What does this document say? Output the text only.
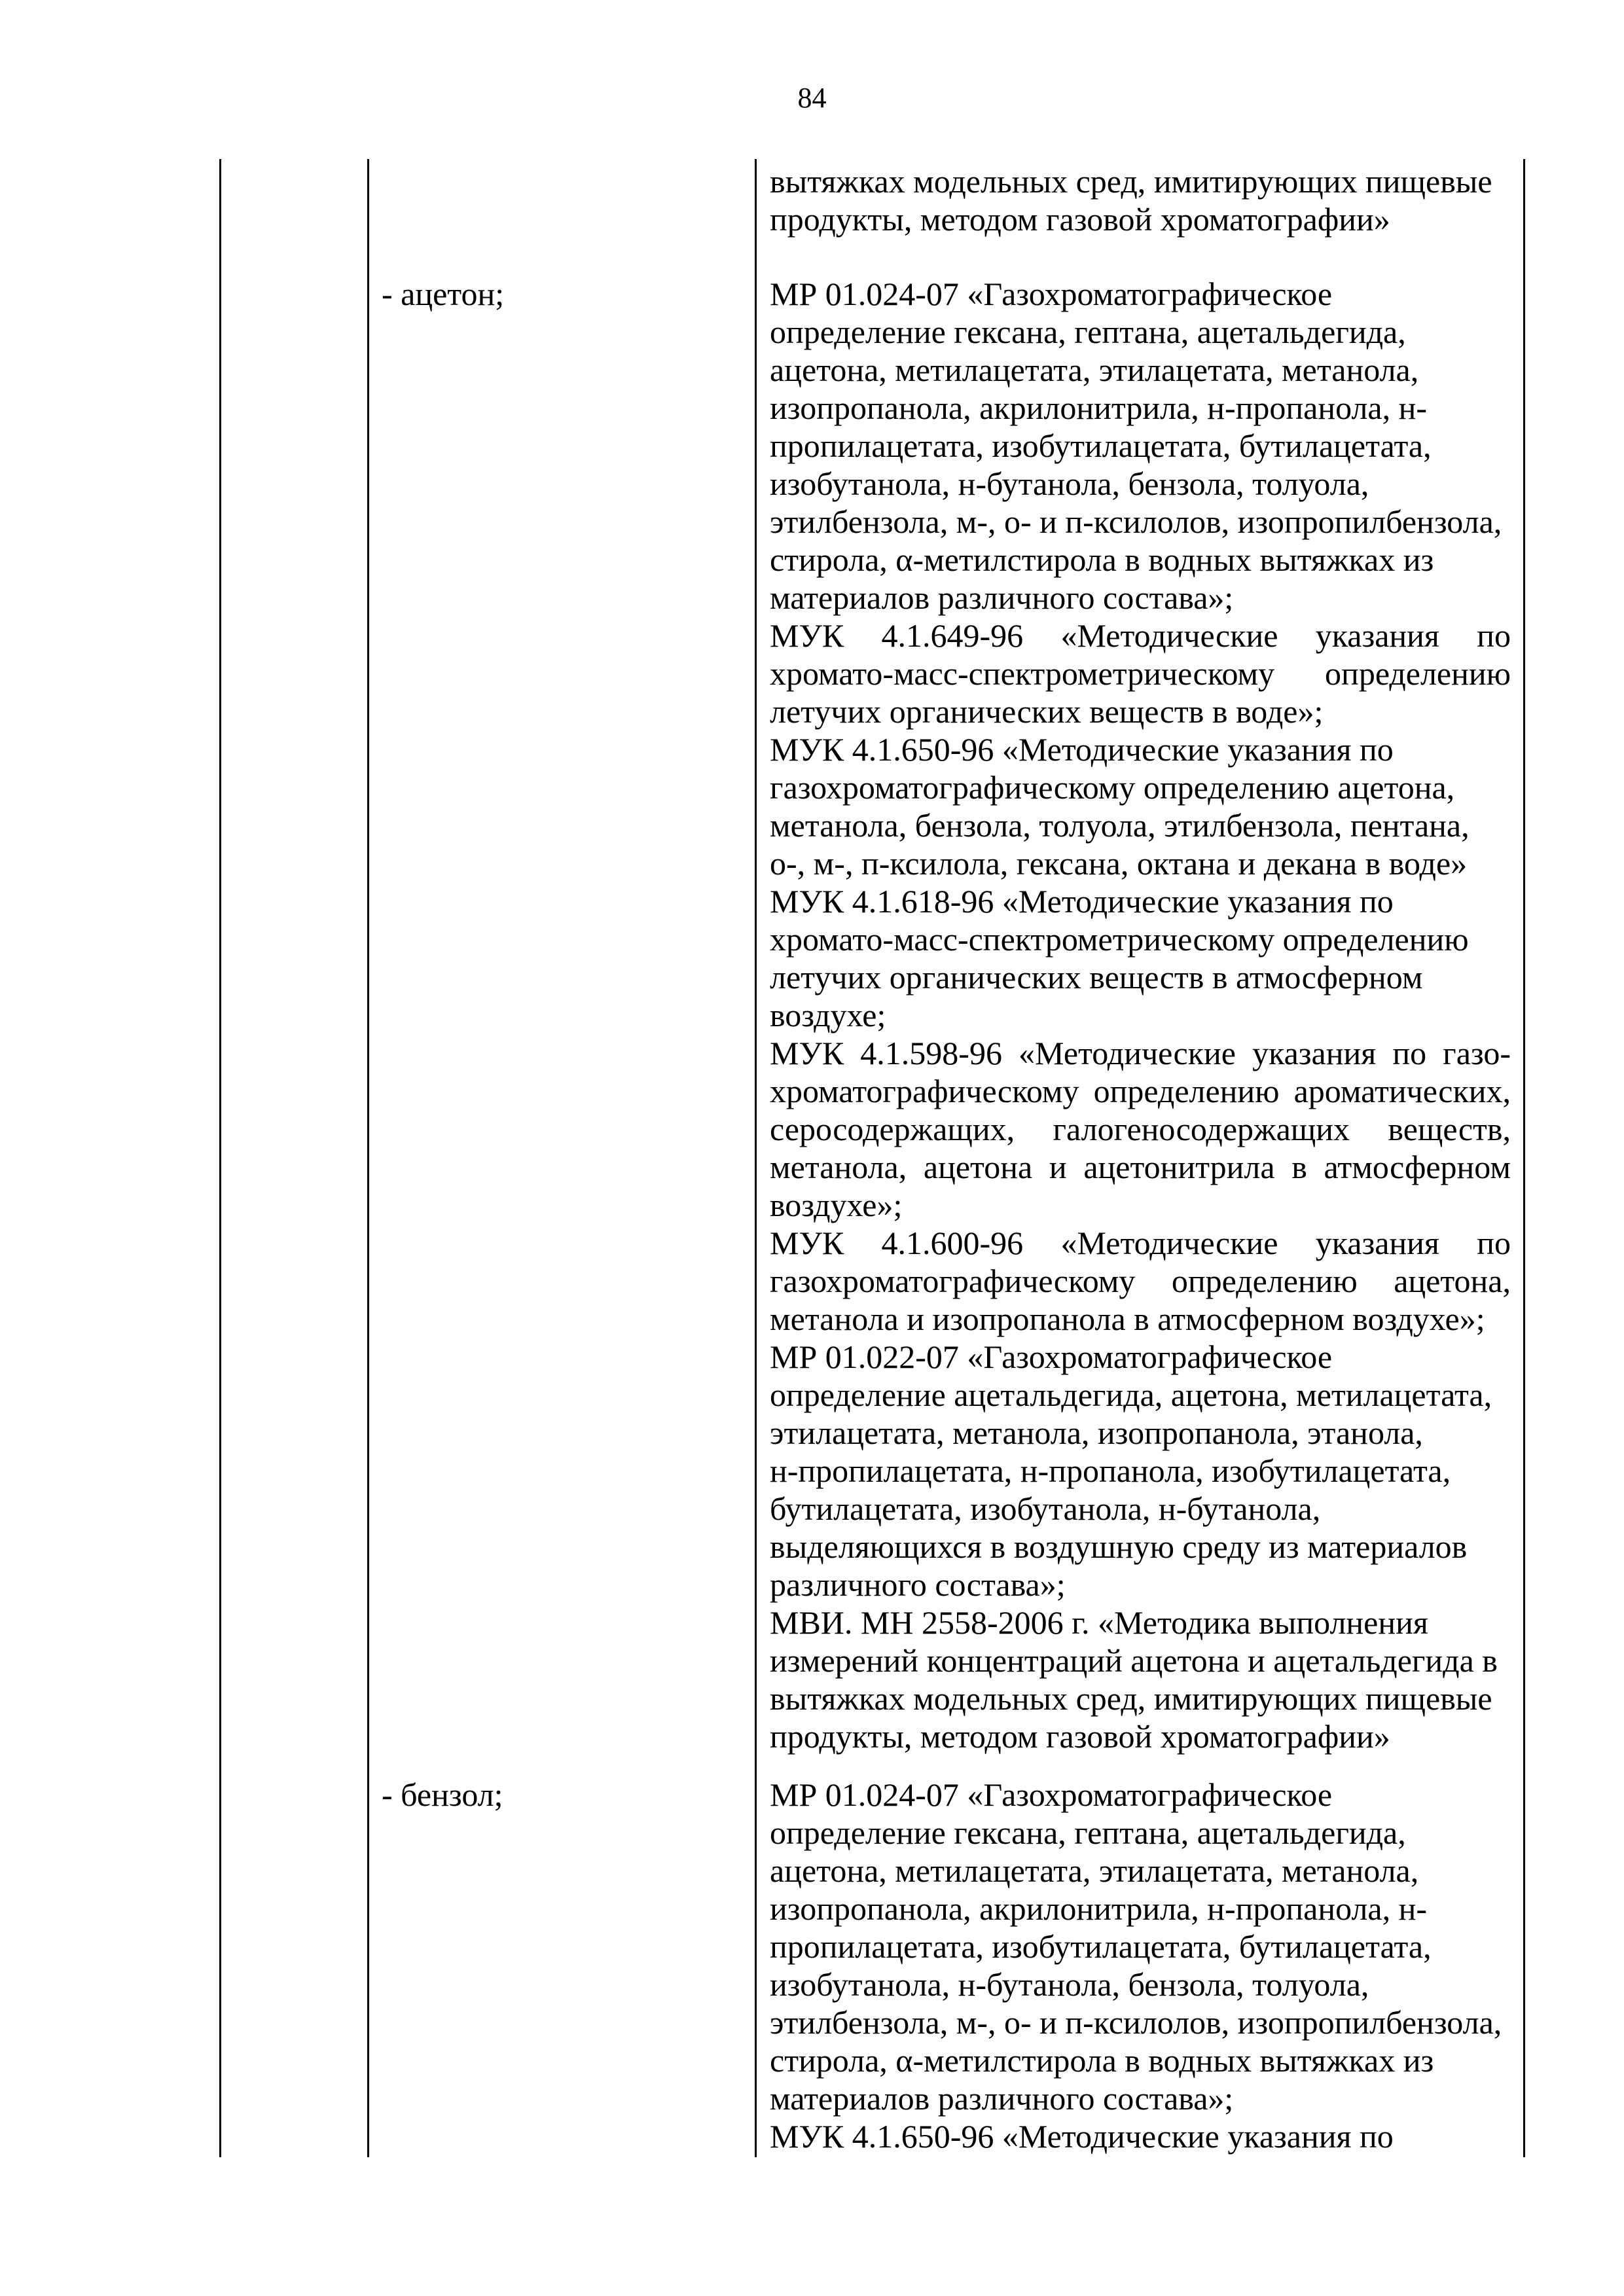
84
- ацетон;
- бензол;
вытяжках модельных сред, имитирующих пищевые
продукты, методом газовой хроматографии»
МР 01.024-07 «Газохроматографическое
определение гексана, гептана, ацетальдегида,
ацетона, метилацетата, этилацетата, метанола,
изопропанола, акрилонитрила, н-пропанола, н-
пропилацетата, изобутилацетата, бутилацетата,
изобутанола, н-бутанола, бензола, толуола,
этилбензола, м-, о- и п-ксилолов, изопропилбензола,
стирола, α-метилстирола в водных вытяжках из
материалов различного состава»;
МУК 4.1.649-96 «Методические указания по
хромато-масс-спектрометрическому определению
летучих органических веществ в воде»;
МУК 4.1.650-96 «Методические указания по
газохроматографическому определению ацетона,
метанола, бензола, толуола, этилбензола, пентана,
о-, м-, п-ксилола, гексана, октана и декана в воде»
МУК 4.1.618-96 «Методические указания по
хромато-масс-спектрометрическому определению
летучих органических веществ в атмосферном
воздухе;
МУК 4.1.598-96 «Методические указания по газо-
хроматографическому определению ароматических,
серосодержащих, галогеносодержащих веществ,
метанола, ацетона и ацетонитрила в атмосферном
воздухе»;
МУК 4.1.600-96 «Методические указания по
газохроматографическому определению ацетона,
метанола и изопропанола в атмосферном воздухе»;
МР 01.022-07 «Газохроматографическое
определение ацетальдегида, ацетона, метилацетата,
этилацетата, метанола, изопропанола, этанола,
н-пропилацетата, н-пропанола, изобутилацетата,
бутилацетата, изобутанола, н-бутанола,
выделяющихся в воздушную среду из материалов
различного состава»;
МВИ. МН 2558-2006 г. «Методика выполнения
измерений концентраций ацетона и ацетальдегида в
вытяжках модельных сред, имитирующих пищевые
продукты, методом газовой хроматографии»
МР 01.024-07 «Газохроматографическое
определение гексана, гептана, ацетальдегида,
ацетона, метилацетата, этилацетата, метанола,
изопропанола, акрилонитрила, н-пропанола, н-
пропилацетата, изобутилацетата, бутилацетата,
изобутанола, н-бутанола, бензола, толуола,
этилбензола, м-, о- и п-ксилолов, изопропилбензола,
стирола, α-метилстирола в водных вытяжках из
материалов различного состава»;
МУК 4.1.650-96 «Методические указания по
